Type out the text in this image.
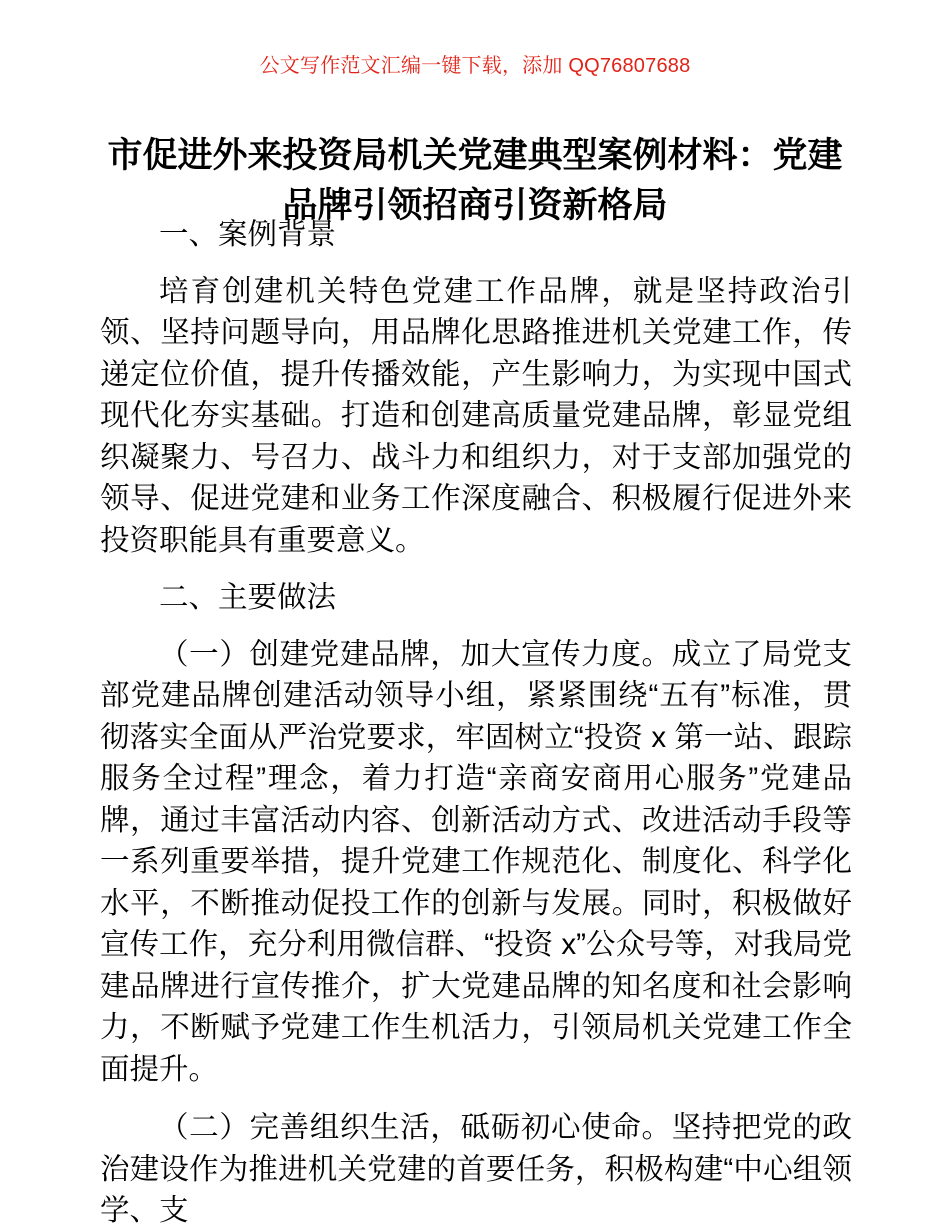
公文写作范文汇编一键下载，添加 QQ76807688
市促进外来投资局机关党建典型案例材料：党建品牌引领招商引资新格局
一、案例背景

培育创建机关特色党建工作品牌，就是坚持政治引领、坚持问题导向，用品牌化思路推进机关党建工作，传递定位价值，提升传播效能，产生影响力，为实现中国式现代化夯实基础。打造和创建高质量党建品牌，彰显党组织凝聚力、号召力、战斗力和组织力，对于支部加强党的领导、促进党建和业务工作深度融合、积极履行促进外来投资职能具有重要意义。

二、主要做法

（一）创建党建品牌，加大宣传力度。成立了局党支部党建品牌创建活动领导小组，紧紧围绕“五有”标准，贯彻落实全面从严治党要求，牢固树立“投资 x 第一站、跟踪服务全过程”理念，着力打造“亲商安商用心服务”党建品牌，通过丰富活动内容、创新活动方式、改进活动手段等一系列重要举措，提升党建工作规范化、制度化、科学化水平，不断推动促投工作的创新与发展。同时，积极做好宣传工作，充分利用微信群、“投资 x”公众号等，对我局党建品牌进行宣传推介，扩大党建品牌的知名度和社会影响力，不断赋予党建工作生机活力，引领局机关党建工作全面提升。

（二）完善组织生活，砥砺初心使命。坚持把党的政治建设作为推进机关党建的首要任务，积极构建“中心组领学、支
